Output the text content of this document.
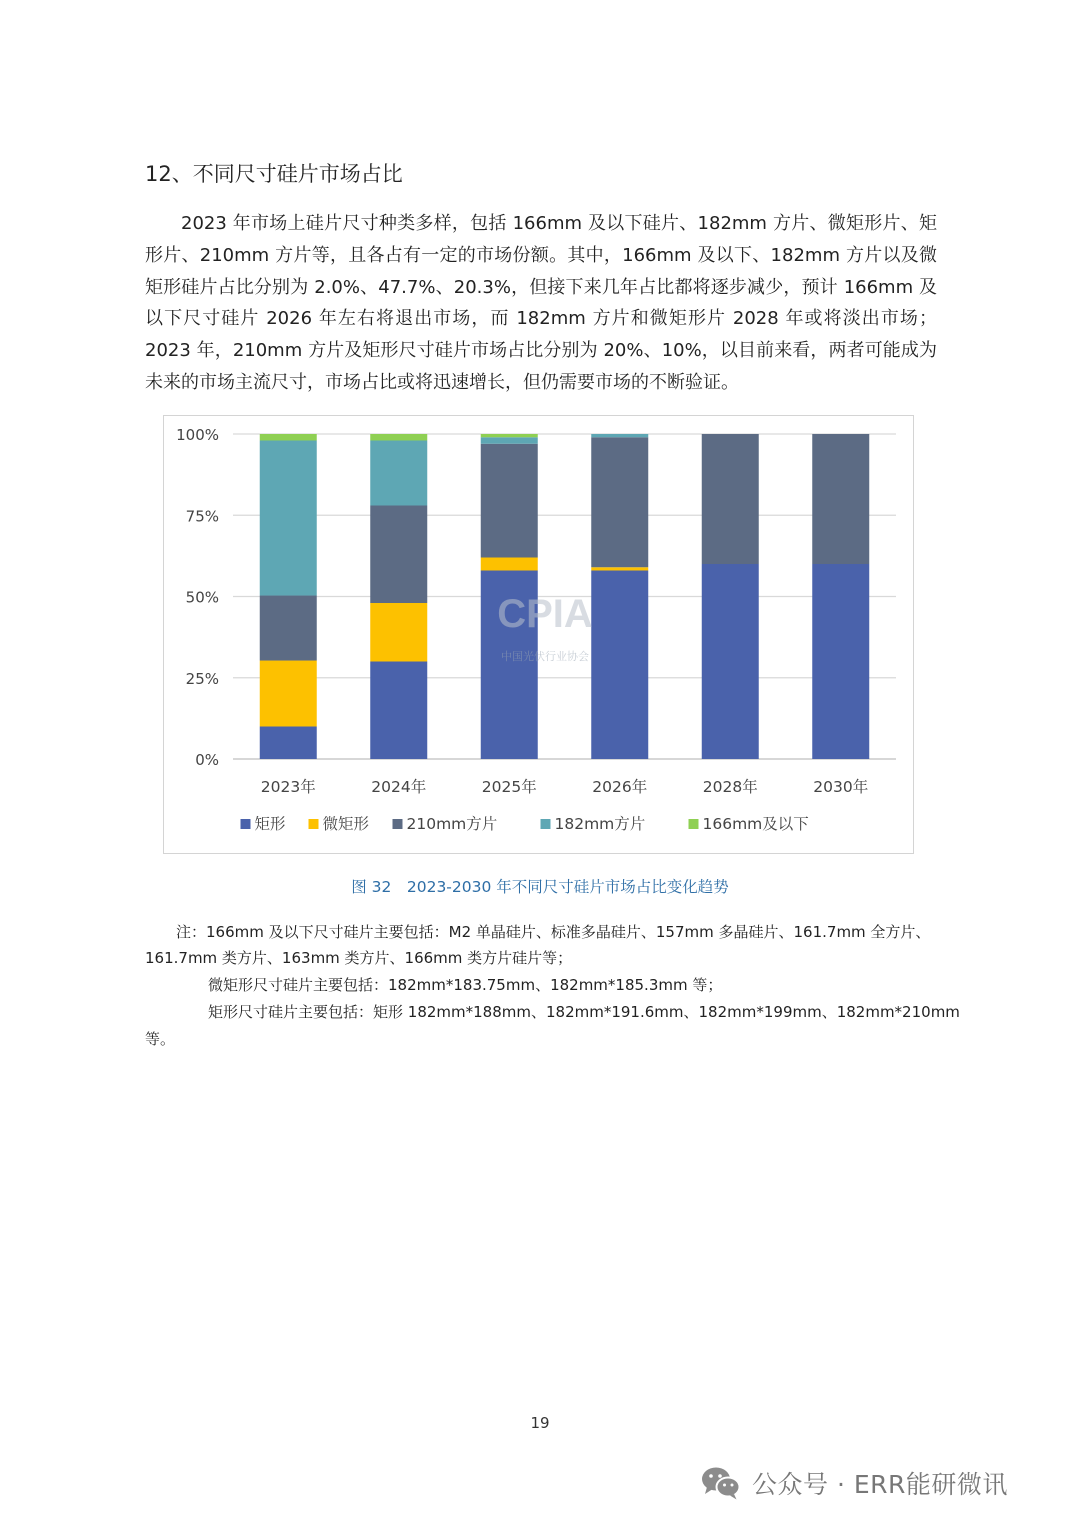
12、不同尺寸硅片市场占比
2023 年市场上硅片尺寸种类多样，包括 166mm 及以下硅片、182mm 方片、微矩形片、矩形片、210mm 方片等，且各占有一定的市场份额。其中，166mm 及以下、182mm 方片以及微矩形硅片占比分别为 2.0%、47.7%、20.3%，但接下来几年占比都将逐步减少，预计 166mm 及以下尺寸硅片 2026 年左右将退出市场，而 182mm 方片和微矩形片 2028 年或将淡出市场；2023 年，210mm 方片及矩形尺寸硅片市场占比分别为 20%、10%，以目前来看，两者可能成为未来的市场主流尺寸，市场占比或将迅速增长，但仍需要市场的不断验证。
CPIA
中国光伏行业协会
0%
25%
50%
75%
100%
2023年	2024年	2025年	2026年	2028年	2030年
矩形 微矩形 210mm方片	182mm方片	166mm及以下
图 32　2023-2030 年不同尺寸硅片市场占比变化趋势
注：166mm 及以下尺寸硅片主要包括：M2 单晶硅片、标准多晶硅片、157mm 多晶硅片、161.7mm 全方片、
161.7mm 类方片、163mm 类方片、166mm 类方片硅片等；
微矩形尺寸硅片主要包括：182mm*183.75mm、182mm*185.3mm 等；
矩形尺寸硅片主要包括：矩形 182mm*188mm、182mm*191.6mm、182mm*199mm、182mm*210mm
等。
19
公众号 · ERR能研微讯
